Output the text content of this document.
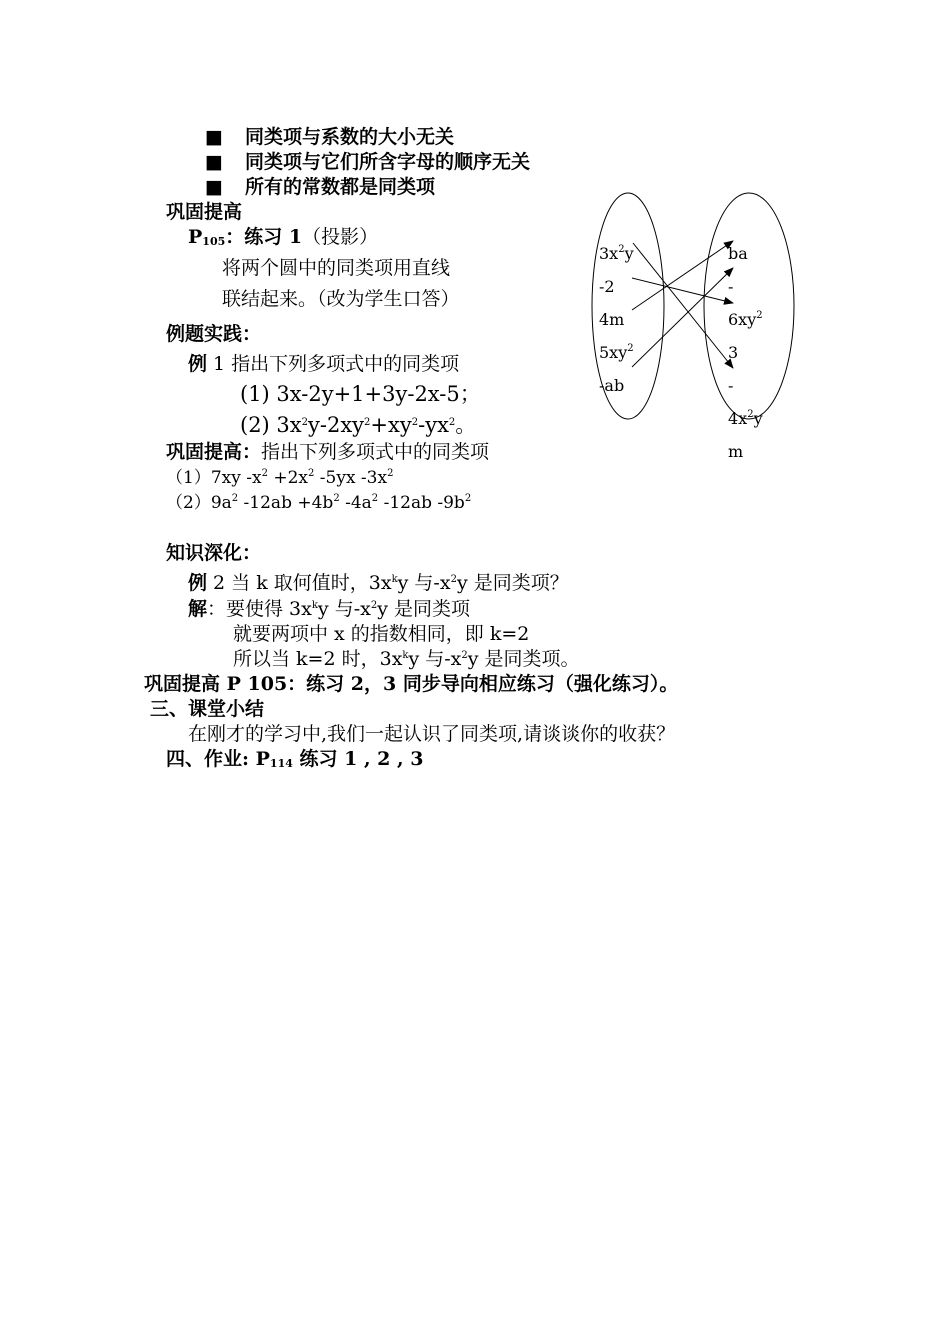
■ 同类项与系数的大小无关
■ 同类项与它们所含字母的顺序无关
■ 所有的常数都是同类项
巩固提高
$P_{105}$：练习 1（投影）
将两个圆中的同类项用直线
联结起来。（改为学生口答）
$3x^2y$
-2
4m
$5xy^2$
-ab
ba
-
$6xy^2$
3
-
$4x^2y$
m
例题实践：
例 1 指出下列多项式中的同类项
(1) 3x-2y+1+3y-2x-5；
(2) $3x^2y-2xy^2+xy^2-yx^2$。
巩固提高：指出下列多项式中的同类项
（1）7xy $-x^2 +2x^2$ -5yx $-3x^2$
$(2)9a^2$ $-12ab +4b^2$ $-4a^2$ -12ab $-9b^2$
知识深化：
例 2 当 k 取何值时，$3x^ky$ 与$-x^2y$ 是同类项？
解：要使得 $3x^ky$ 与$-x^2y$ 是同类项
就要两项中 x 的指数相同，即 k=2
所以当 k=2 时，$3x^ky$ 与$-x^2y$ 是同类项。
巩固提高 P 105：练习 2，3 同步导向相应练习（强化练习）。
三、课堂小结
在刚才的学习中,我们一起认识了同类项,请谈谈你的收获？
四、作业: $P_{114}$ 练习 1 , 2 , 3
